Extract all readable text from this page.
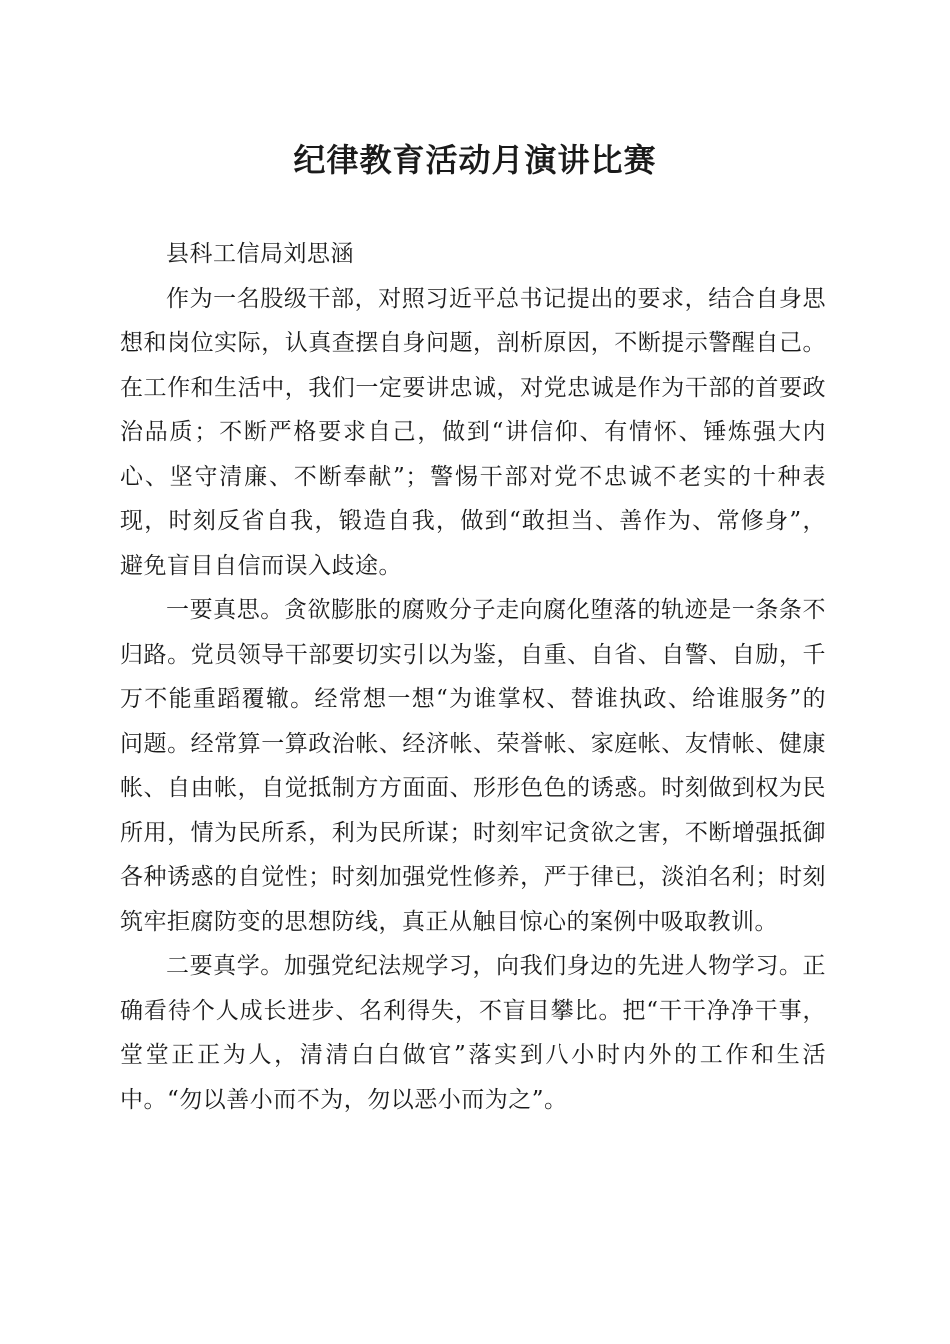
纪律教育活动月演讲比赛

县科工信局刘思涵

作为一名股级干部，对照习近平总书记提出的要求，结合自身思想和岗位实际，认真查摆自身问题，剖析原因，不断提示警醒自己。在工作和生活中，我们一定要讲忠诚，对党忠诚是作为干部的首要政治品质；不断严格要求自己，做到“讲信仰、有情怀、锤炼强大内心、坚守清廉、不断奉献”；警惕干部对党不忠诚不老实的十种表现，时刻反省自我，锻造自我，做到“敢担当、善作为、常修身”，避免盲目自信而误入歧途。

一要真思。贪欲膨胀的腐败分子走向腐化堕落的轨迹是一条条不归路。党员领导干部要切实引以为鉴，自重、自省、自警、自励，千万不能重蹈覆辙。经常想一想“为谁掌权、替谁执政、给谁服务”的问题。经常算一算政治帐、经济帐、荣誉帐、家庭帐、友情帐、健康帐、自由帐，自觉抵制方方面面、形形色色的诱惑。时刻做到权为民所用，情为民所系，利为民所谋；时刻牢记贪欲之害，不断增强抵御各种诱惑的自觉性；时刻加强党性修养，严于律已，淡泊名利；时刻筑牢拒腐防变的思想防线，真正从触目惊心的案例中吸取教训。

二要真学。加强党纪法规学习，向我们身边的先进人物学习。正确看待个人成长进步、名利得失，不盲目攀比。把“干干净净干事，堂堂正正为人，清清白白做官”落实到八小时内外的工作和生活中。“勿以善小而不为，勿以恶小而为之”。
